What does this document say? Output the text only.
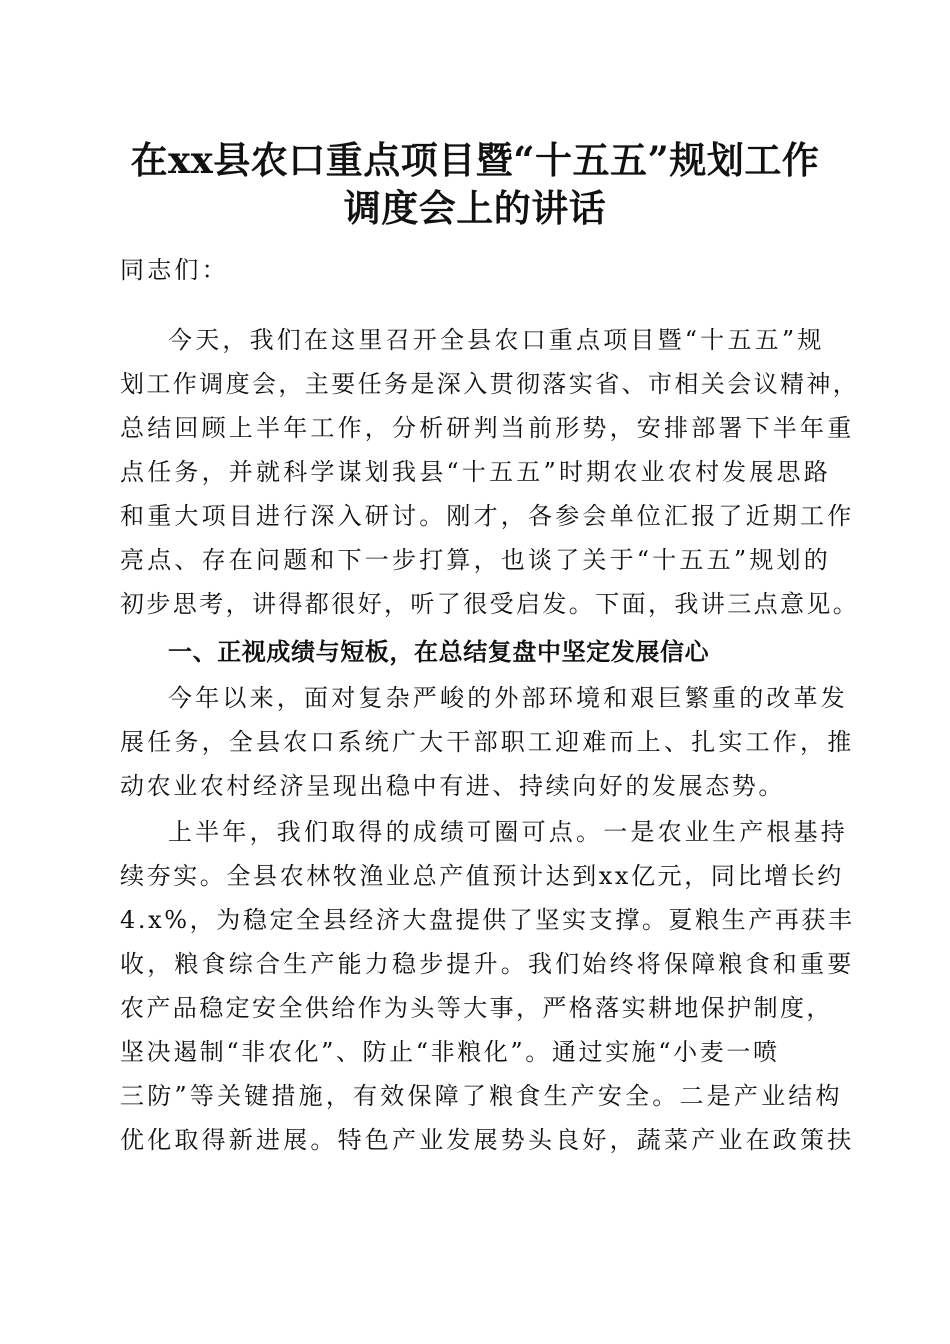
在xx县农口重点项目暨“十五五”规划工作
调度会上的讲话
同志们：
今天，我们在这里召开全县农口重点项目暨“十五五”规
划工作调度会，主要任务是深入贯彻落实省、市相关会议精神，
总结回顾上半年工作，分析研判当前形势，安排部署下半年重
点任务，并就科学谋划我县“十五五”时期农业农村发展思路
和重大项目进行深入研讨。刚才，各参会单位汇报了近期工作
亮点、存在问题和下一步打算，也谈了关于“十五五”规划的
初步思考，讲得都很好，听了很受启发。下面，我讲三点意见。
一、正视成绩与短板，在总结复盘中坚定发展信心
今年以来，面对复杂严峻的外部环境和艰巨繁重的改革发
展任务，全县农口系统广大干部职工迎难而上、扎实工作，推
动农业农村经济呈现出稳中有进、持续向好的发展态势。
上半年，我们取得的成绩可圈可点。一是农业生产根基持
续夯实。全县农林牧渔业总产值预计达到xx亿元，同比增长约
4.x%，为稳定全县经济大盘提供了坚实支撑。夏粮生产再获丰
收，粮食综合生产能力稳步提升。我们始终将保障粮食和重要
农产品稳定安全供给作为头等大事，严格落实耕地保护制度，
坚决遏制“非农化”、防止“非粮化”。通过实施“小麦一喷
三防”等关键措施，有效保障了粮食生产安全。二是产业结构
优化取得新进展。特色产业发展势头良好，蔬菜产业在政策扶
